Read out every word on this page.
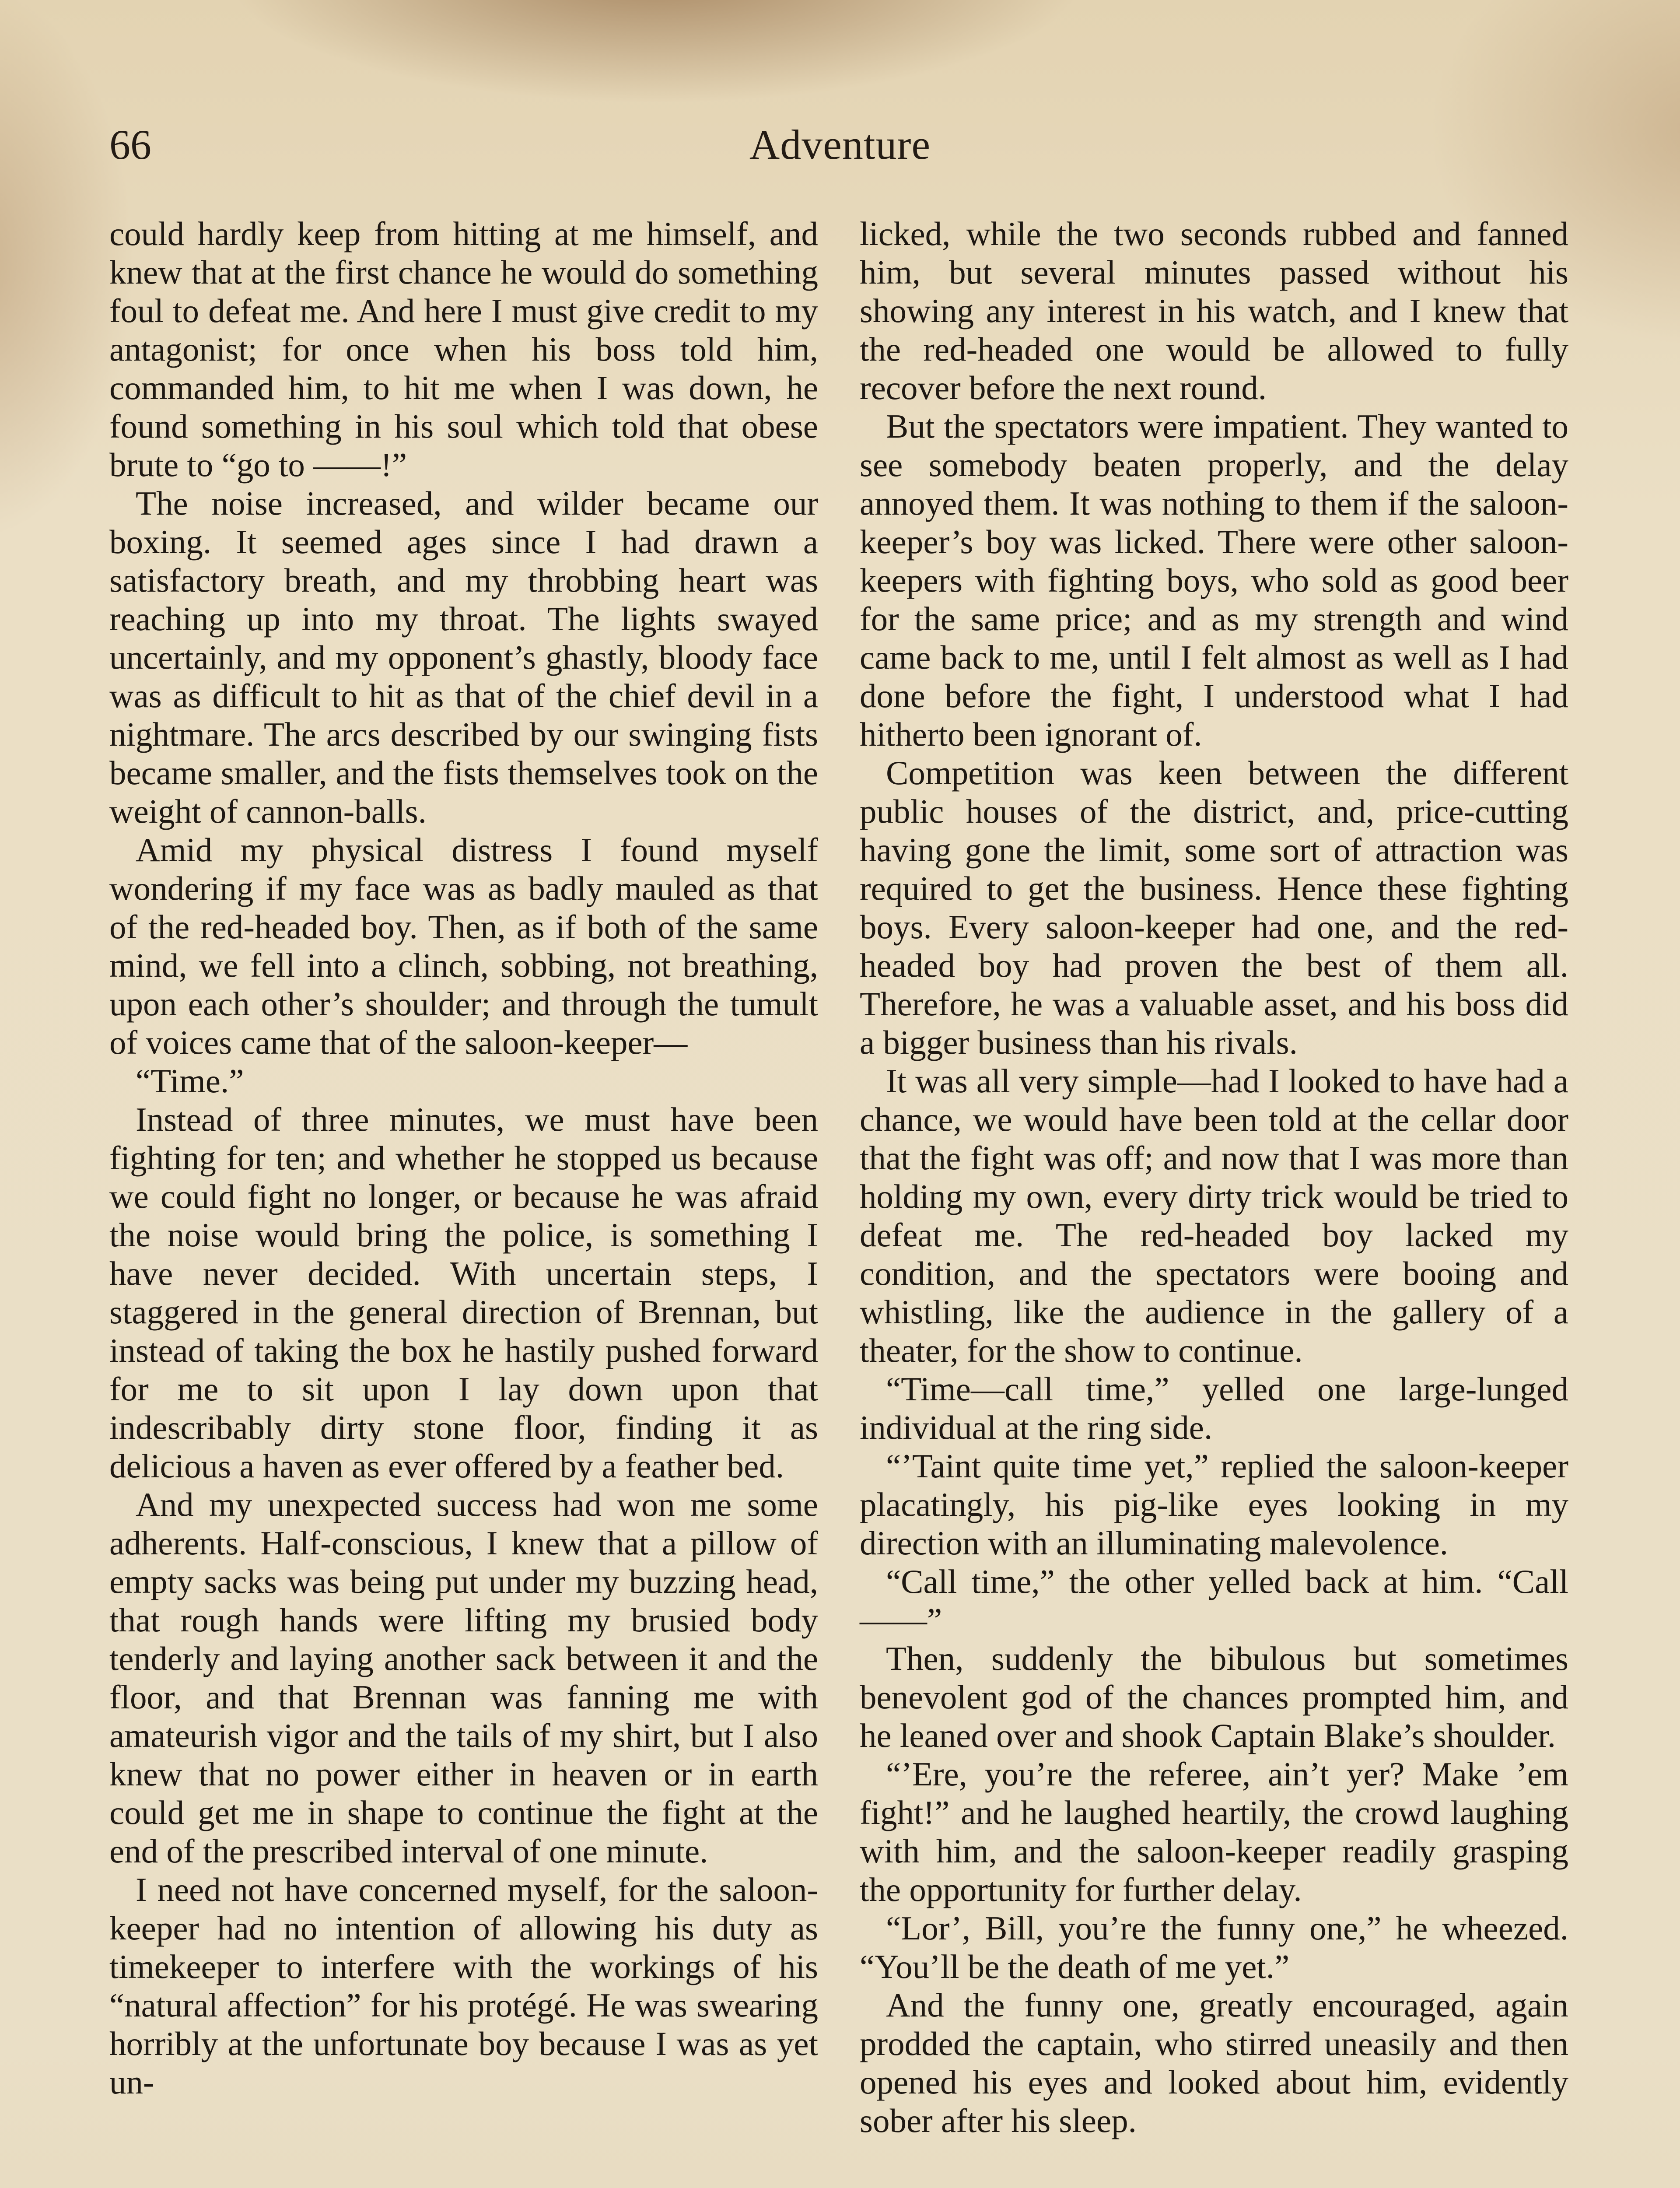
66	Adventure

could hardly keep from hitting at me himself, and knew that at the first chance he would do something foul to defeat me. And here I must give credit to my antagonist; for once when his boss told him, commanded him, to hit me when I was down, he found something in his soul which told that obese brute to “go to ——!”

The noise increased, and wilder became our boxing. It seemed ages since I had drawn a satisfactory breath, and my throbbing heart was reaching up into my throat. The lights swayed uncertainly, and my opponent’s ghastly, bloody face was as difficult to hit as that of the chief devil in a nightmare. The arcs described by our swinging fists became smaller, and the fists themselves took on the weight of cannon-balls.

Amid my physical distress I found myself wondering if my face was as badly mauled as that of the red-headed boy. Then, as if both of the same mind, we fell into a clinch, sobbing, not breathing, upon each other’s shoulder; and through the tumult of voices came that of the saloon-keeper—

“Time.”

Instead of three minutes, we must have been fighting for ten; and whether he stopped us because we could fight no longer, or because he was afraid the noise would bring the police, is something I have never decided. With uncertain steps, I staggered in the general direction of Brennan, but instead of taking the box he hastily pushed forward for me to sit upon I lay down upon that indescribably dirty stone floor, finding it as delicious a haven as ever offered by a feather bed.

And my unexpected success had won me some adherents. Half-conscious, I knew that a pillow of empty sacks was being put under my buzzing head, that rough hands were lifting my brusied body tenderly and laying another sack between it and the floor, and that Brennan was fanning me with amateurish vigor and the tails of my shirt, but I also knew that no power either in heaven or in earth could get me in shape to continue the fight at the end of the prescribed interval of one minute.

I need not have concerned myself, for the saloon-keeper had no intention of allowing his duty as timekeeper to interfere with the workings of his “natural affection” for his protégé. He was swearing horribly at the unfortunate boy because I was as yet un-

licked, while the two seconds rubbed and fanned him, but several minutes passed without his showing any interest in his watch, and I knew that the red-headed one would be allowed to fully recover before the next round.

But the spectators were impatient. They wanted to see somebody beaten properly, and the delay annoyed them. It was nothing to them if the saloon-keeper’s boy was licked. There were other saloon-keepers with fighting boys, who sold as good beer for the same price; and as my strength and wind came back to me, until I felt almost as well as I had done before the fight, I understood what I had hitherto been ignorant of.

Competition was keen between the different public houses of the district, and, price-cutting having gone the limit, some sort of attraction was required to get the business. Hence these fighting boys. Every saloon-keeper had one, and the red-headed boy had proven the best of them all. Therefore, he was a valuable asset, and his boss did a bigger business than his rivals.

It was all very simple—had I looked to have had a chance, we would have been told at the cellar door that the fight was off; and now that I was more than holding my own, every dirty trick would be tried to defeat me. The red-headed boy lacked my condition, and the spectators were booing and whistling, like the audience in the gallery of a theater, for the show to continue.

“Time—call time,” yelled one large-lunged individual at the ring side.

“’Taint quite time yet,” replied the saloon-keeper placatingly, his pig-like eyes looking in my direction with an illuminating malevolence.

“Call time,” the other yelled back at him. “Call——”

Then, suddenly the bibulous but sometimes benevolent god of the chances prompted him, and he leaned over and shook Captain Blake’s shoulder.

“’Ere, you’re the referee, ain’t yer? Make ’em fight!” and he laughed heartily, the crowd laughing with him, and the saloon-keeper readily grasping the opportunity for further delay.

“Lor’, Bill, you’re the funny one,” he wheezed. “You’ll be the death of me yet.”

And the funny one, greatly encouraged, again prodded the captain, who stirred uneasily and then opened his eyes and looked about him, evidently sober after his sleep.
